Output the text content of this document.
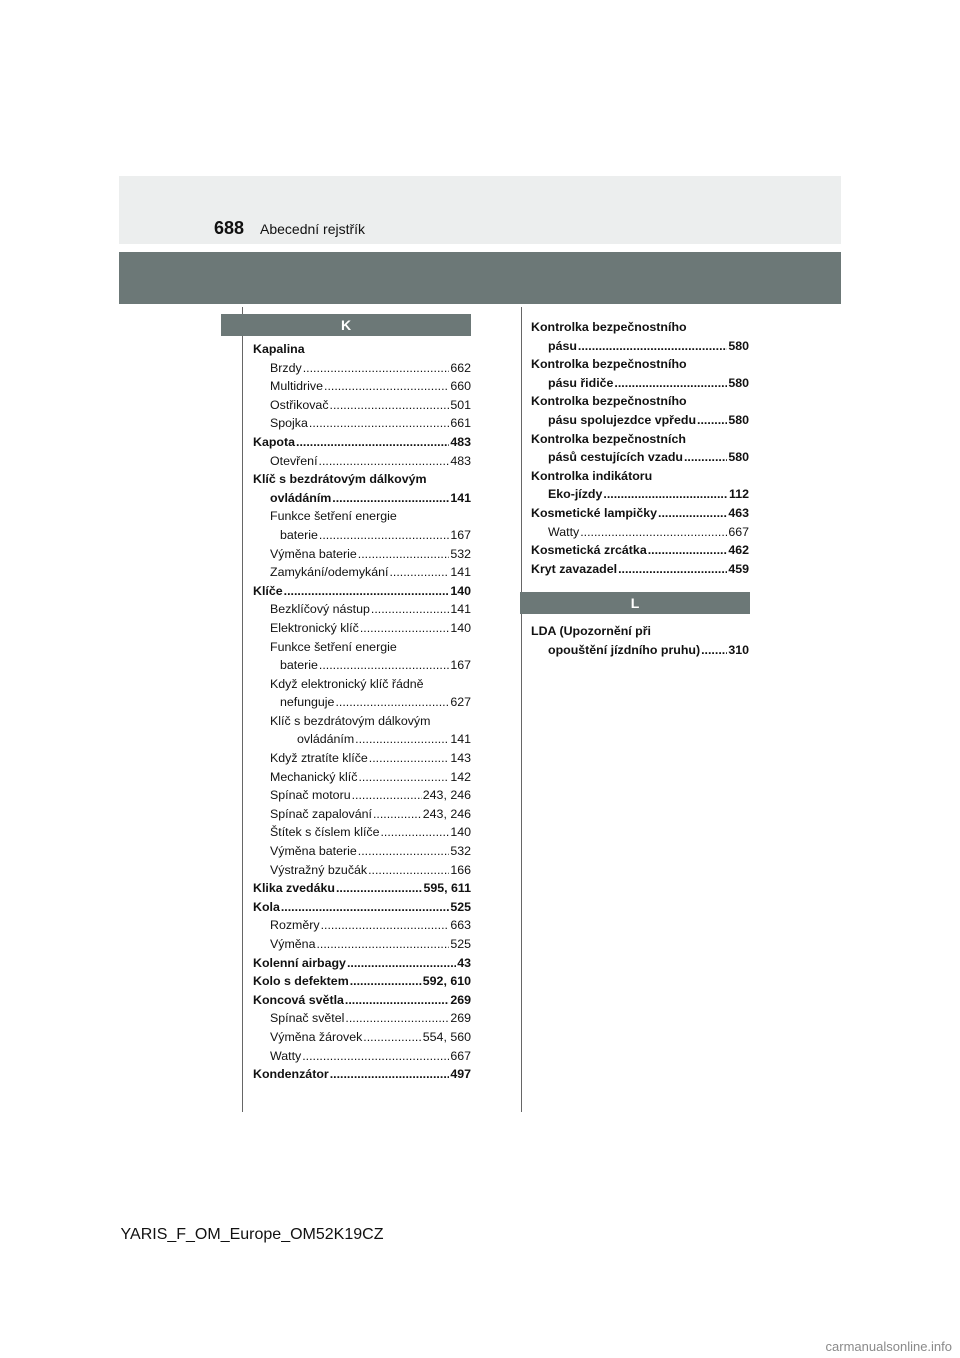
688 Abecední rejstřík
K
Kapalina
Brzdy .....	662
Multidrive .....	660
Ostřikovač .....	501
Spojka .....	661
Kapota .....	483
Otevření .....	483
Klíč s bezdrátovým dálkovým
ovládáním .....	141
Funkce šetření energie
baterie .....	167
Výměna baterie .....	532
Zamykání/odemykání .....	141
Klíče .....	140
Bezklíčový nástup .....	141
Elektronický klíč .....	140
Funkce šetření energie
baterie .....	167
Když elektronický klíč řádně
nefunguje .....	627
Klíč s bezdrátovým dálkovým
ovládáním .....	141
Když ztratíte klíče .....	143
Mechanický klíč .....	142
Spínač motoru .....	243, 246
Spínač zapalování .....	243, 246
Štítek s číslem klíče .....	140
Výměna baterie .....	532
Výstražný bzučák .....	166
Klika zvedáku .....	595, 611
Kola .....	525
Rozměry .....	663
Výměna .....	525
Kolenní airbagy .....	43
Kolo s defektem .....	592, 610
Koncová světla .....	269
Spínač světel .....	269
Výměna žárovek .....	554, 560
Watty .....	667
Kondenzátor .....	497
Kontrolka bezpečnostního
pásu .....	580
Kontrolka bezpečnostního
pásu řidiče .....	580
Kontrolka bezpečnostního
pásu spolujezdce vpředu .....	580
Kontrolka bezpečnostních
pásů cestujících vzadu .....	580
Kontrolka indikátoru
Eko-jízdy .....	112
Kosmetické lampičky .....	463
Watty .....	667
Kosmetická zrcátka .....	462
Kryt zavazadel .....	459
L
LDA (Upozornění při
opouštění jízdního pruhu) ..... 310
YARIS_F_OM_Europe_OM52K19CZ
carmanualsonline.info
